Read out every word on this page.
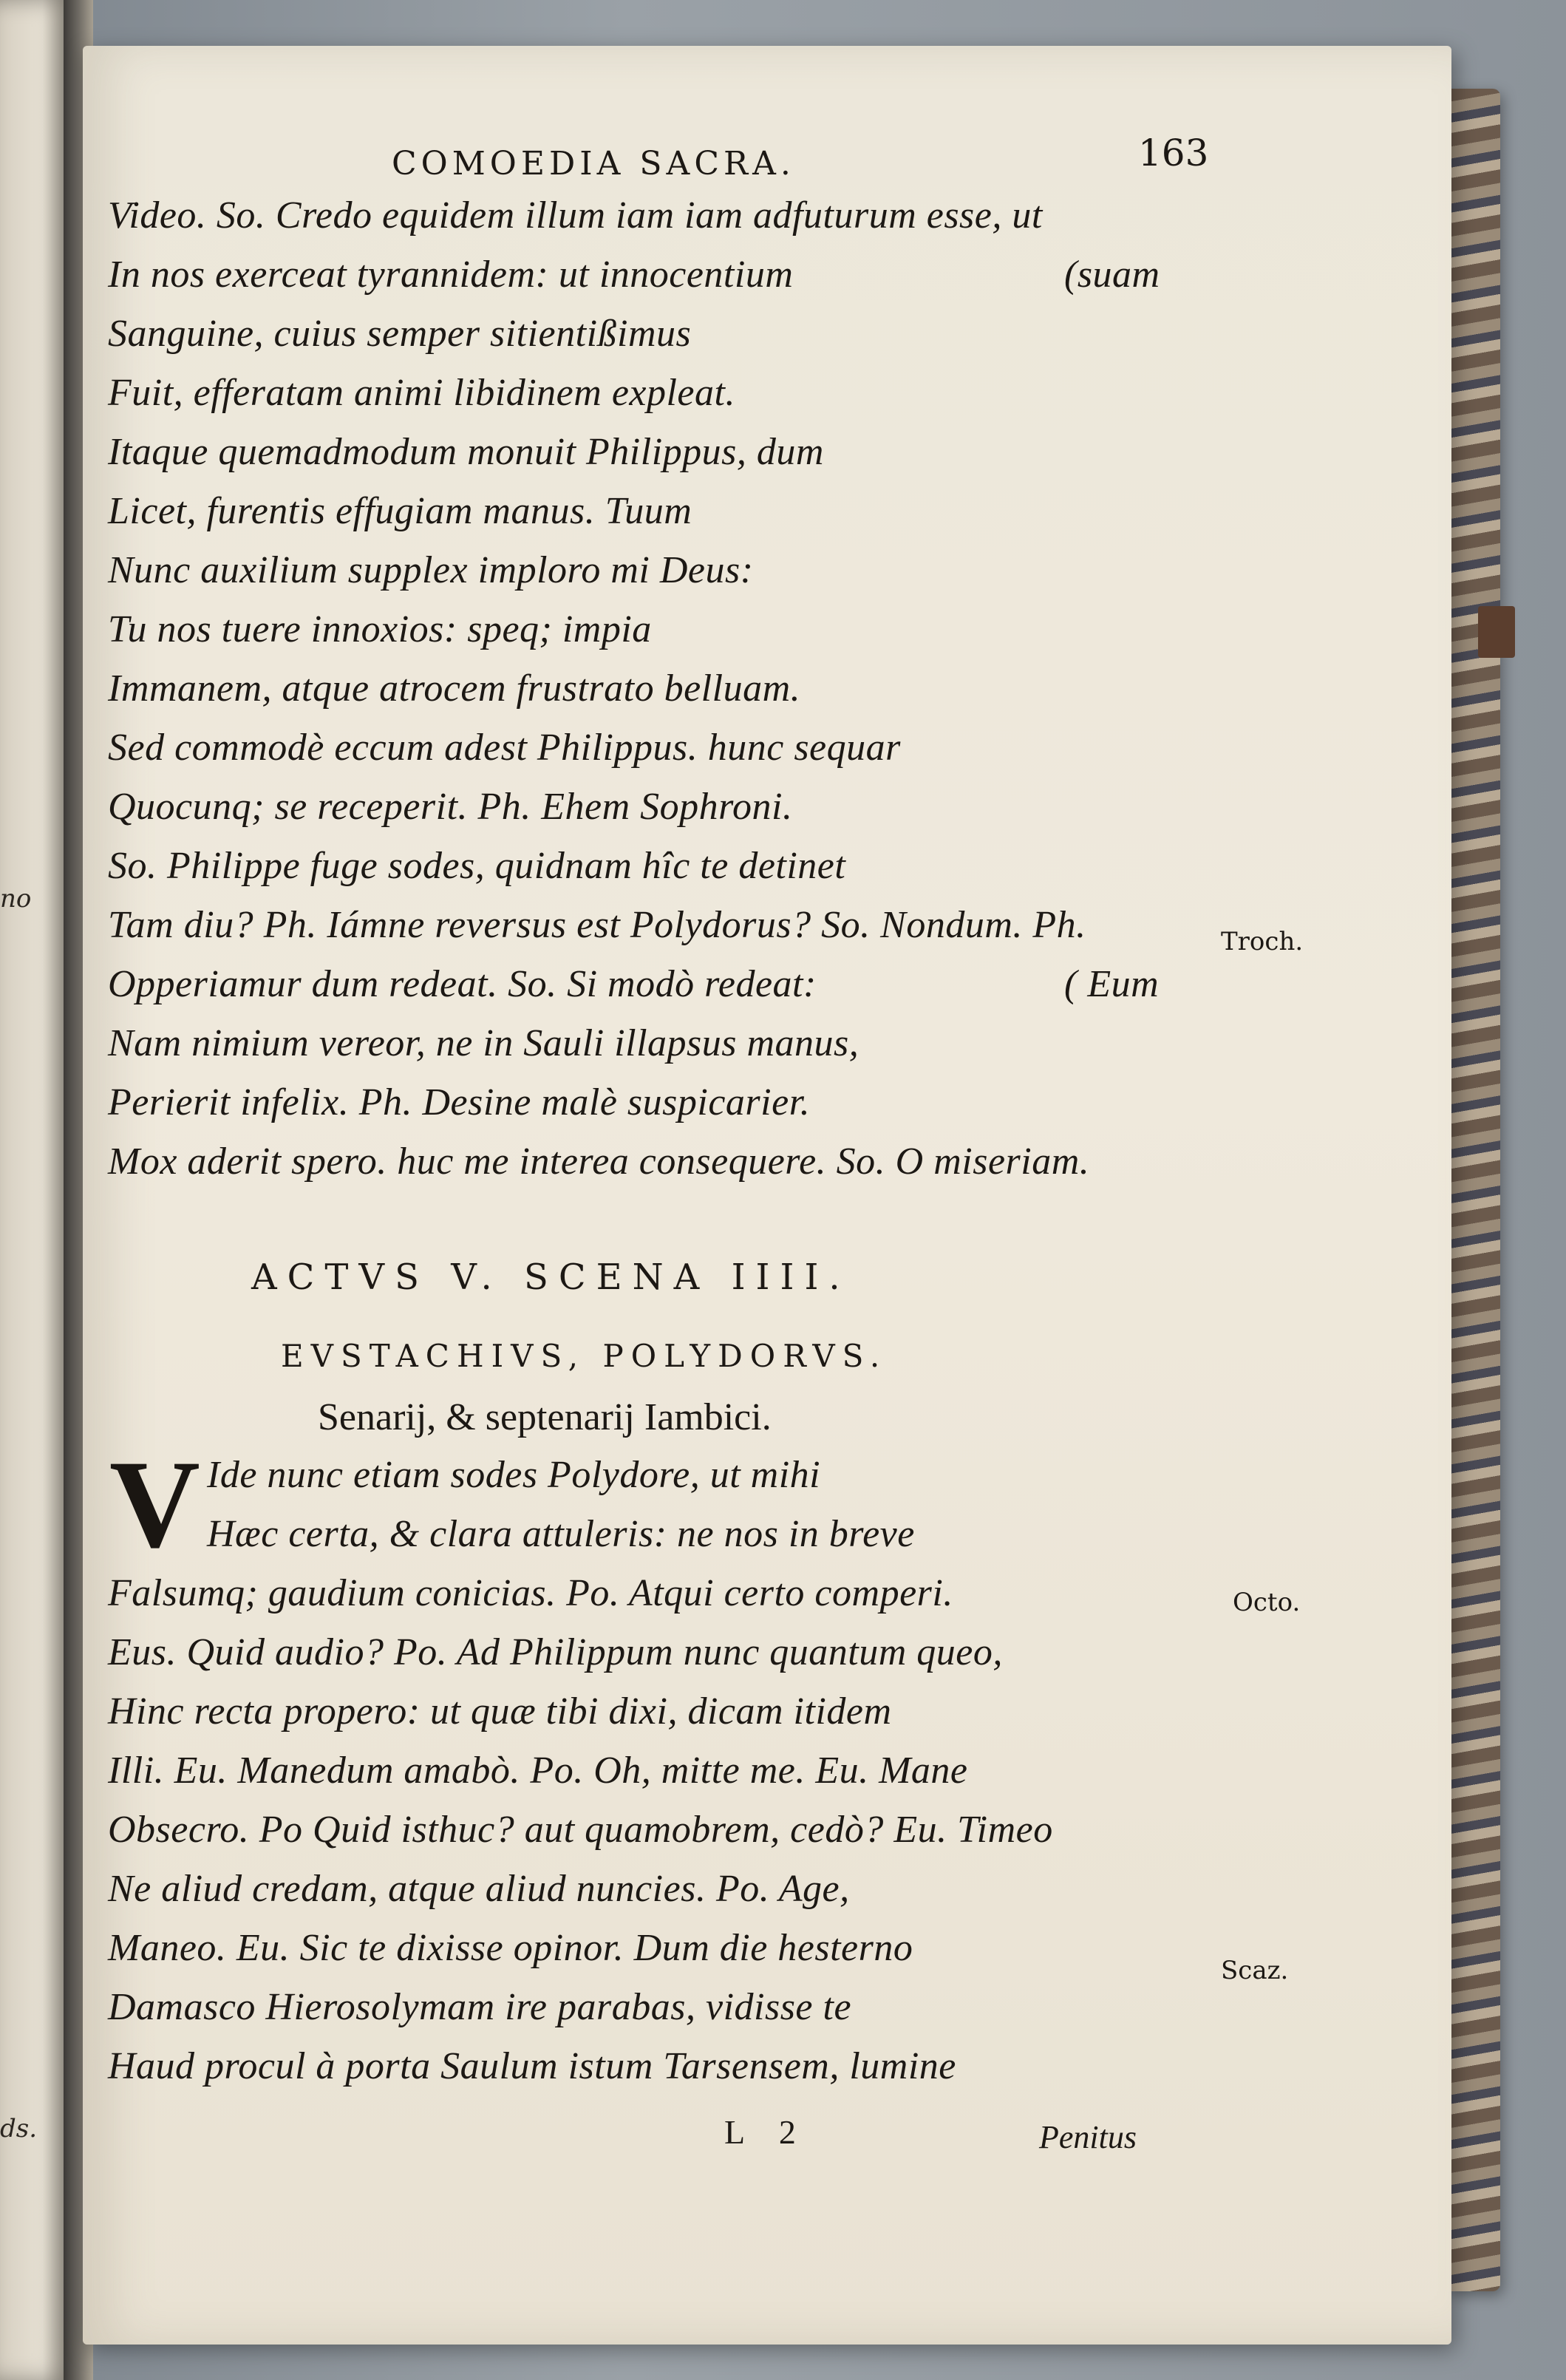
no
ds.
COMOEDIA SACRA.	163
Video. So. Credo equidem illum iam iam adfuturum esse, ut
In nos exerceat tyrannidem: ut innocentium
Sanguine, cuius semper sitientißimus
Fuit, efferatam animi libidinem expleat.
Itaque quemadmodum monuit Philippus, dum
Licet, furentis effugiam manus. Tuum
Nunc auxilium supplex imploro mi Deus:
Tu nos tuere innoxios: speq; impia
Immanem, atque atrocem frustrato belluam.
Sed commodè eccum adest Philippus. hunc sequar
Quocunq; se receperit. Ph. Ehem Sophroni.
So. Philippe fuge sodes, quidnam hîc te detinet
Tam diu? Ph. Iámne reversus est Polydorus? So. Nondum. Ph.
Opperiamur dum redeat. So. Si modò redeat:
Nam nimium vereor, ne in Sauli illapsus manus,
Perierit infelix. Ph. Desine malè suspicarier.
Mox aderit spero. huc me interea consequere. So. O miseriam.
(suam
( Eum
Troch.
Octo.
Scaz.
ACTVS V. SCENA IIII.
EVSTACHIVS, POLYDORVS.
Senarij, & septenarij Iambici.
V Ide nunc etiam sodes Polydore, ut mihi
Hæc certa, & clara attuleris: ne nos in breve
Falsumq; gaudium conicias. Po. Atqui certo comperi.
Eus. Quid audio? Po. Ad Philippum nunc quantum queo,
Hinc recta propero: ut quæ tibi dixi, dicam itidem
Illi. Eu. Manedum amabò. Po. Oh, mitte me. Eu. Mane
Obsecro. Po Quid isthuc? aut quamobrem, cedò? Eu. Timeo
Ne aliud credam, atque aliud nuncies. Po. Age,
Maneo. Eu. Sic te dixisse opinor. Dum die hesterno
Damasco Hierosolymam ire parabas, vidisse te
Haud procul à porta Saulum istum Tarsensem, lumine
L 2	Penitus
